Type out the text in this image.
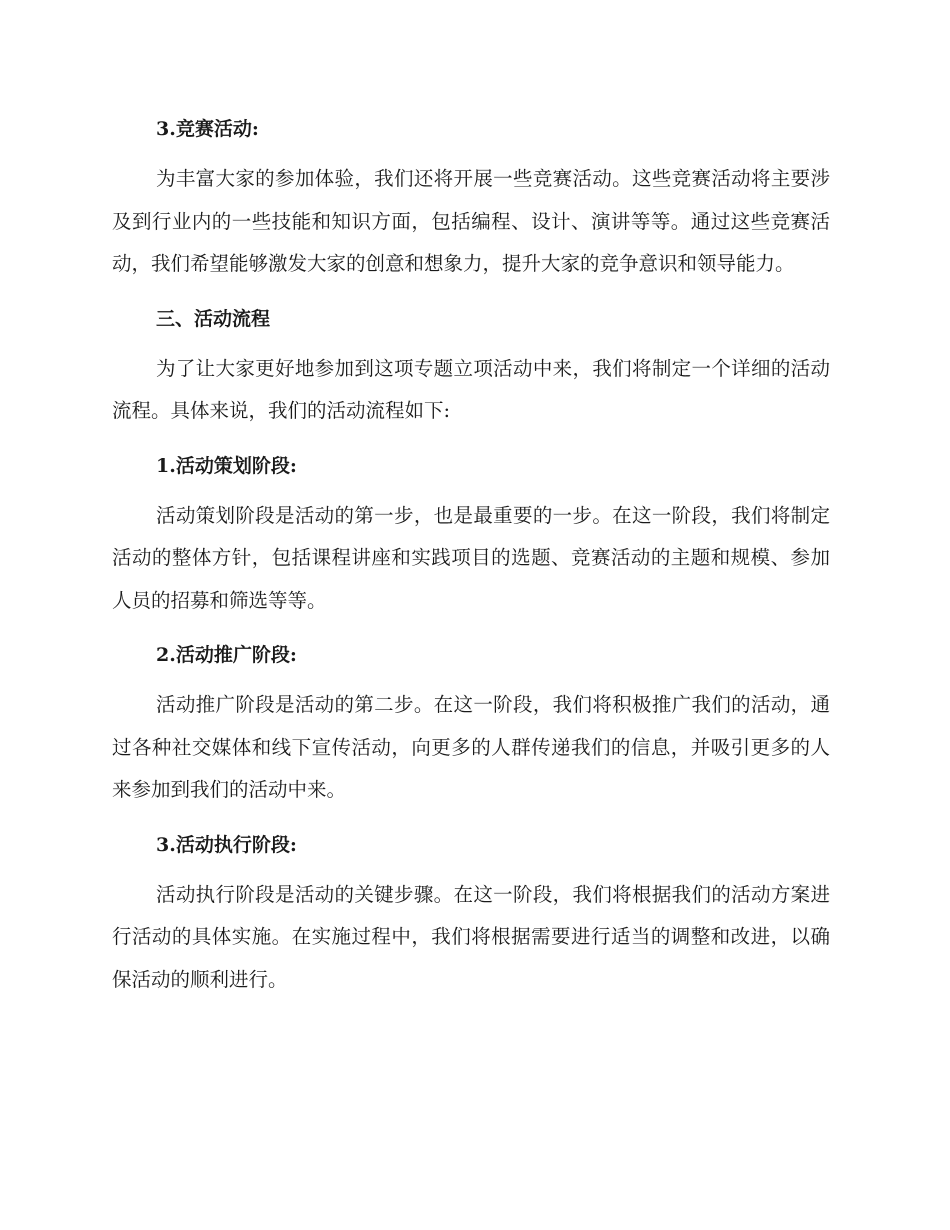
3.竞赛活动:

为丰富大家的参加体验，我们还将开展一些竞赛活动。这些竞赛活动将主要涉及到行业内的一些技能和知识方面，包括编程、设计、演讲等等。通过这些竞赛活动，我们希望能够激发大家的创意和想象力，提升大家的竞争意识和领导能力。

三、活动流程

为了让大家更好地参加到这项专题立项活动中来，我们将制定一个详细的活动流程。具体来说，我们的活动流程如下:

1.活动策划阶段:

活动策划阶段是活动的第一步，也是最重要的一步。在这一阶段，我们将制定活动的整体方针，包括课程讲座和实践项目的选题、竞赛活动的主题和规模、参加人员的招募和筛选等等。

2.活动推广阶段:

活动推广阶段是活动的第二步。在这一阶段，我们将积极推广我们的活动，通过各种社交媒体和线下宣传活动，向更多的人群传递我们的信息，并吸引更多的人来参加到我们的活动中来。

3.活动执行阶段:

活动执行阶段是活动的关键步骤。在这一阶段，我们将根据我们的活动方案进行活动的具体实施。在实施过程中，我们将根据需要进行适当的调整和改进，以确保活动的顺利进行。
